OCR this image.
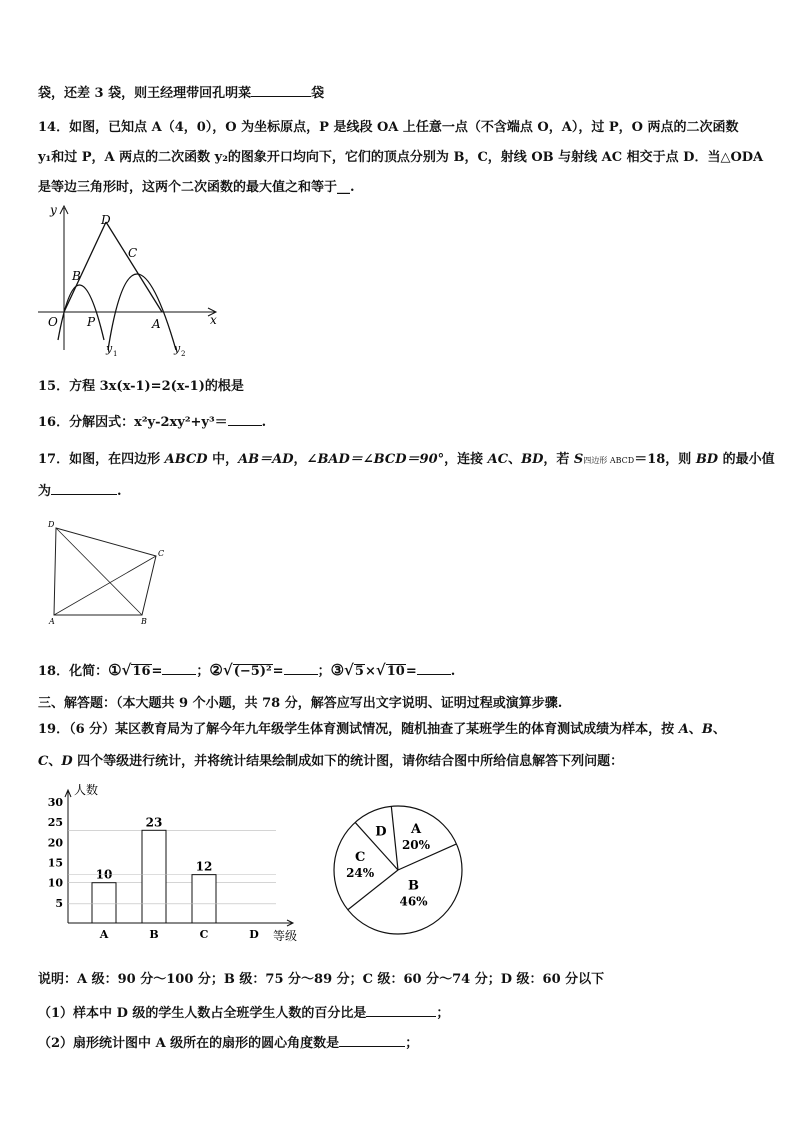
袋，还差 3 袋，则王经理带回孔明菜	袋
14．如图，已知点 A（4，0），O 为坐标原点，P 是线段 OA 上任意一点（不含端点 O，A），过 P，O 两点的二次函数
y₁和过 P，A 两点的二次函数 y₂的图象开口均向下，它们的顶点分别为 B，C，射线 OB 与射线 AC 相交于点 D．当△ODA
是等边三角形时，这两个二次函数的最大值之和等于__.
y
x
O P	A
B
C
D
y 1	y 2
15．方程 3x(x-1)=2(x-1)的根是
16．分解因式：x²y-2xy²+y³＝	.
17．如图，在四边形 ABCD 中，AB＝AD，∠BAD＝∠BCD＝90°，连接 AC、BD，若 S四边形 ABCD＝18，则 BD 的最小值
为	.
D
C
A	B
18．化简：①√16=	；②√(−5)²=	；③√5×√10=	.
三、解答题：（本大题共 9 个小题，共 78 分，解答应写出文字说明、证明过程或演算步骤.
19．（6 分）某区教育局为了解今年九年级学生体育测试情况，随机抽查了某班学生的体育测试成绩为样本，按 A、B、
C、D 四个等级进行统计，并将统计结果绘制成如下的统计图，请你结合图中所给信息解答下列问题：
人数
等级
5
10
15
20
25
30
10
A
23
B
12
C	D
B
46%
C
24%
D A
20%
说明：A 级：90 分～100 分；B 级：75 分～89 分；C 级：60 分～74 分；D 级：60 分以下
（1）样本中 D 级的学生人数占全班学生人数的百分比是	；
（2）扇形统计图中 A 级所在的扇形的圆心角度数是	；
